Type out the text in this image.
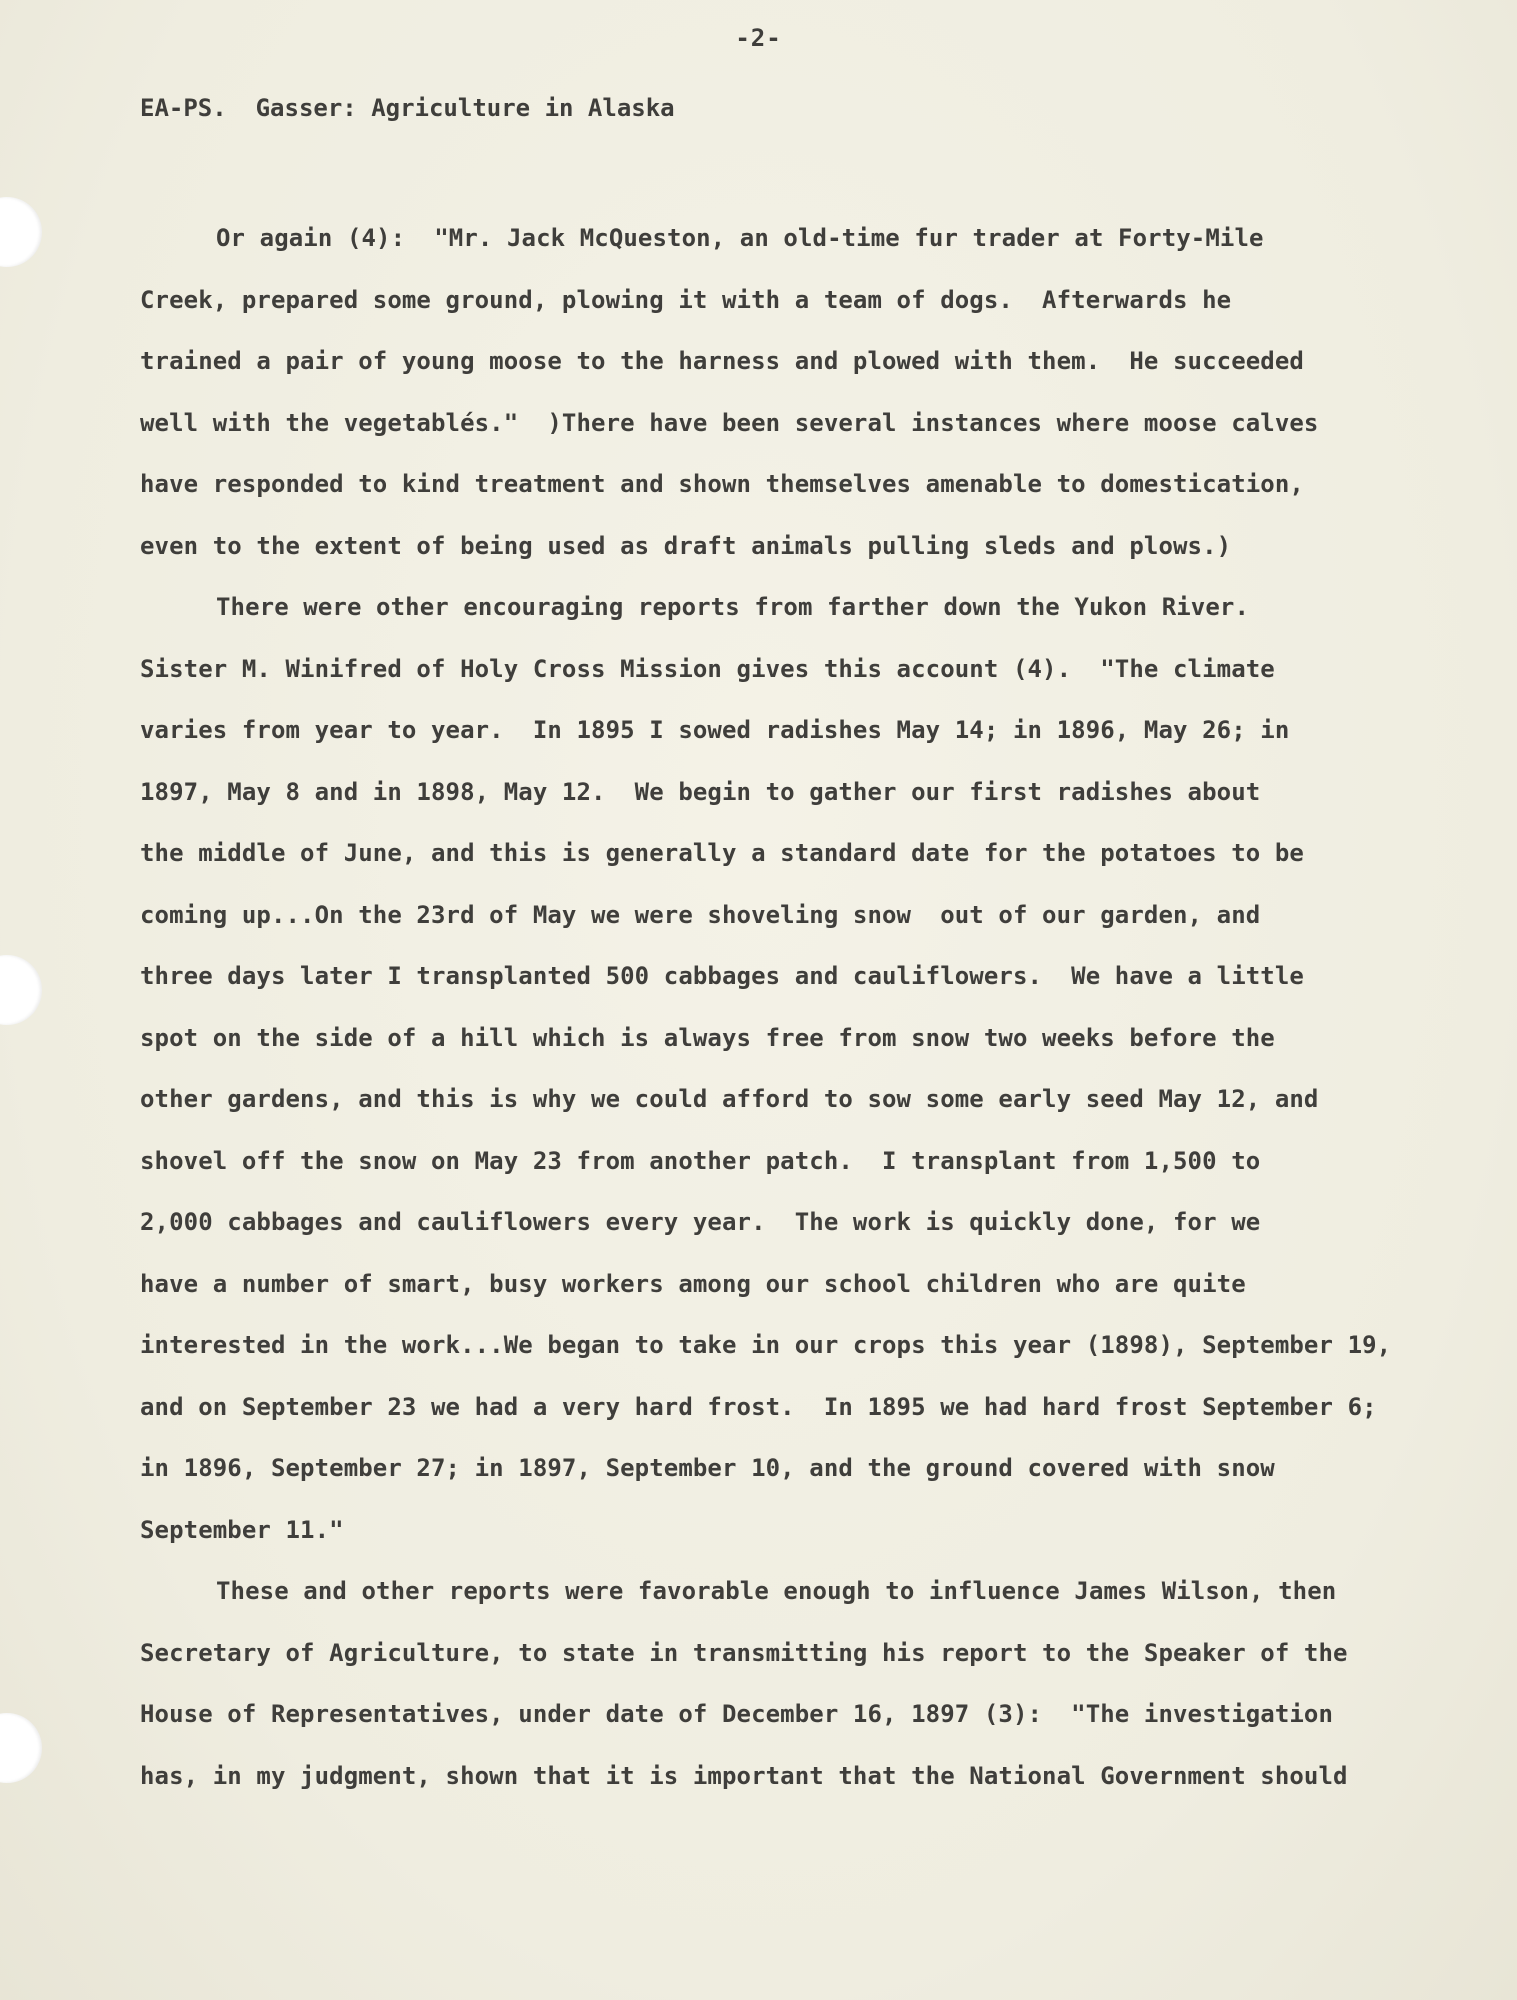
-2-
EA-PS.  Gasser: Agriculture in Alaska
Or again (4):  "Mr. Jack McQueston, an old-time fur trader at Forty-Mile
Creek, prepared some ground, plowing it with a team of dogs.  Afterwards he
trained a pair of young moose to the harness and plowed with them.  He succeeded
well with the vegetablés."  )There have been several instances where moose calves
have responded to kind treatment and shown themselves amenable to domestication,
even to the extent of being used as draft animals pulling sleds and plows.)
There were other encouraging reports from farther down the Yukon River.
Sister M. Winifred of Holy Cross Mission gives this account (4).  "The climate
varies from year to year.  In 1895 I sowed radishes May 14; in 1896, May 26; in
1897, May 8 and in 1898, May 12.  We begin to gather our first radishes about
the middle of June, and this is generally a standard date for the potatoes to be
coming up...On the 23rd of May we were shoveling snow  out of our garden, and
three days later I transplanted 500 cabbages and cauliflowers.  We have a little
spot on the side of a hill which is always free from snow two weeks before the
other gardens, and this is why we could afford to sow some early seed May 12, and
shovel off the snow on May 23 from another patch.  I transplant from 1,500 to
2,000 cabbages and cauliflowers every year.  The work is quickly done, for we
have a number of smart, busy workers among our school children who are quite
interested in the work...We began to take in our crops this year (1898), September 19,
and on September 23 we had a very hard frost.  In 1895 we had hard frost September 6;
in 1896, September 27; in 1897, September 10, and the ground covered with snow
September 11."
These and other reports were favorable enough to influence James Wilson, then
Secretary of Agriculture, to state in transmitting his report to the Speaker of the
House of Representatives, under date of December 16, 1897 (3):  "The investigation
has, in my judgment, shown that it is important that the National Government should
